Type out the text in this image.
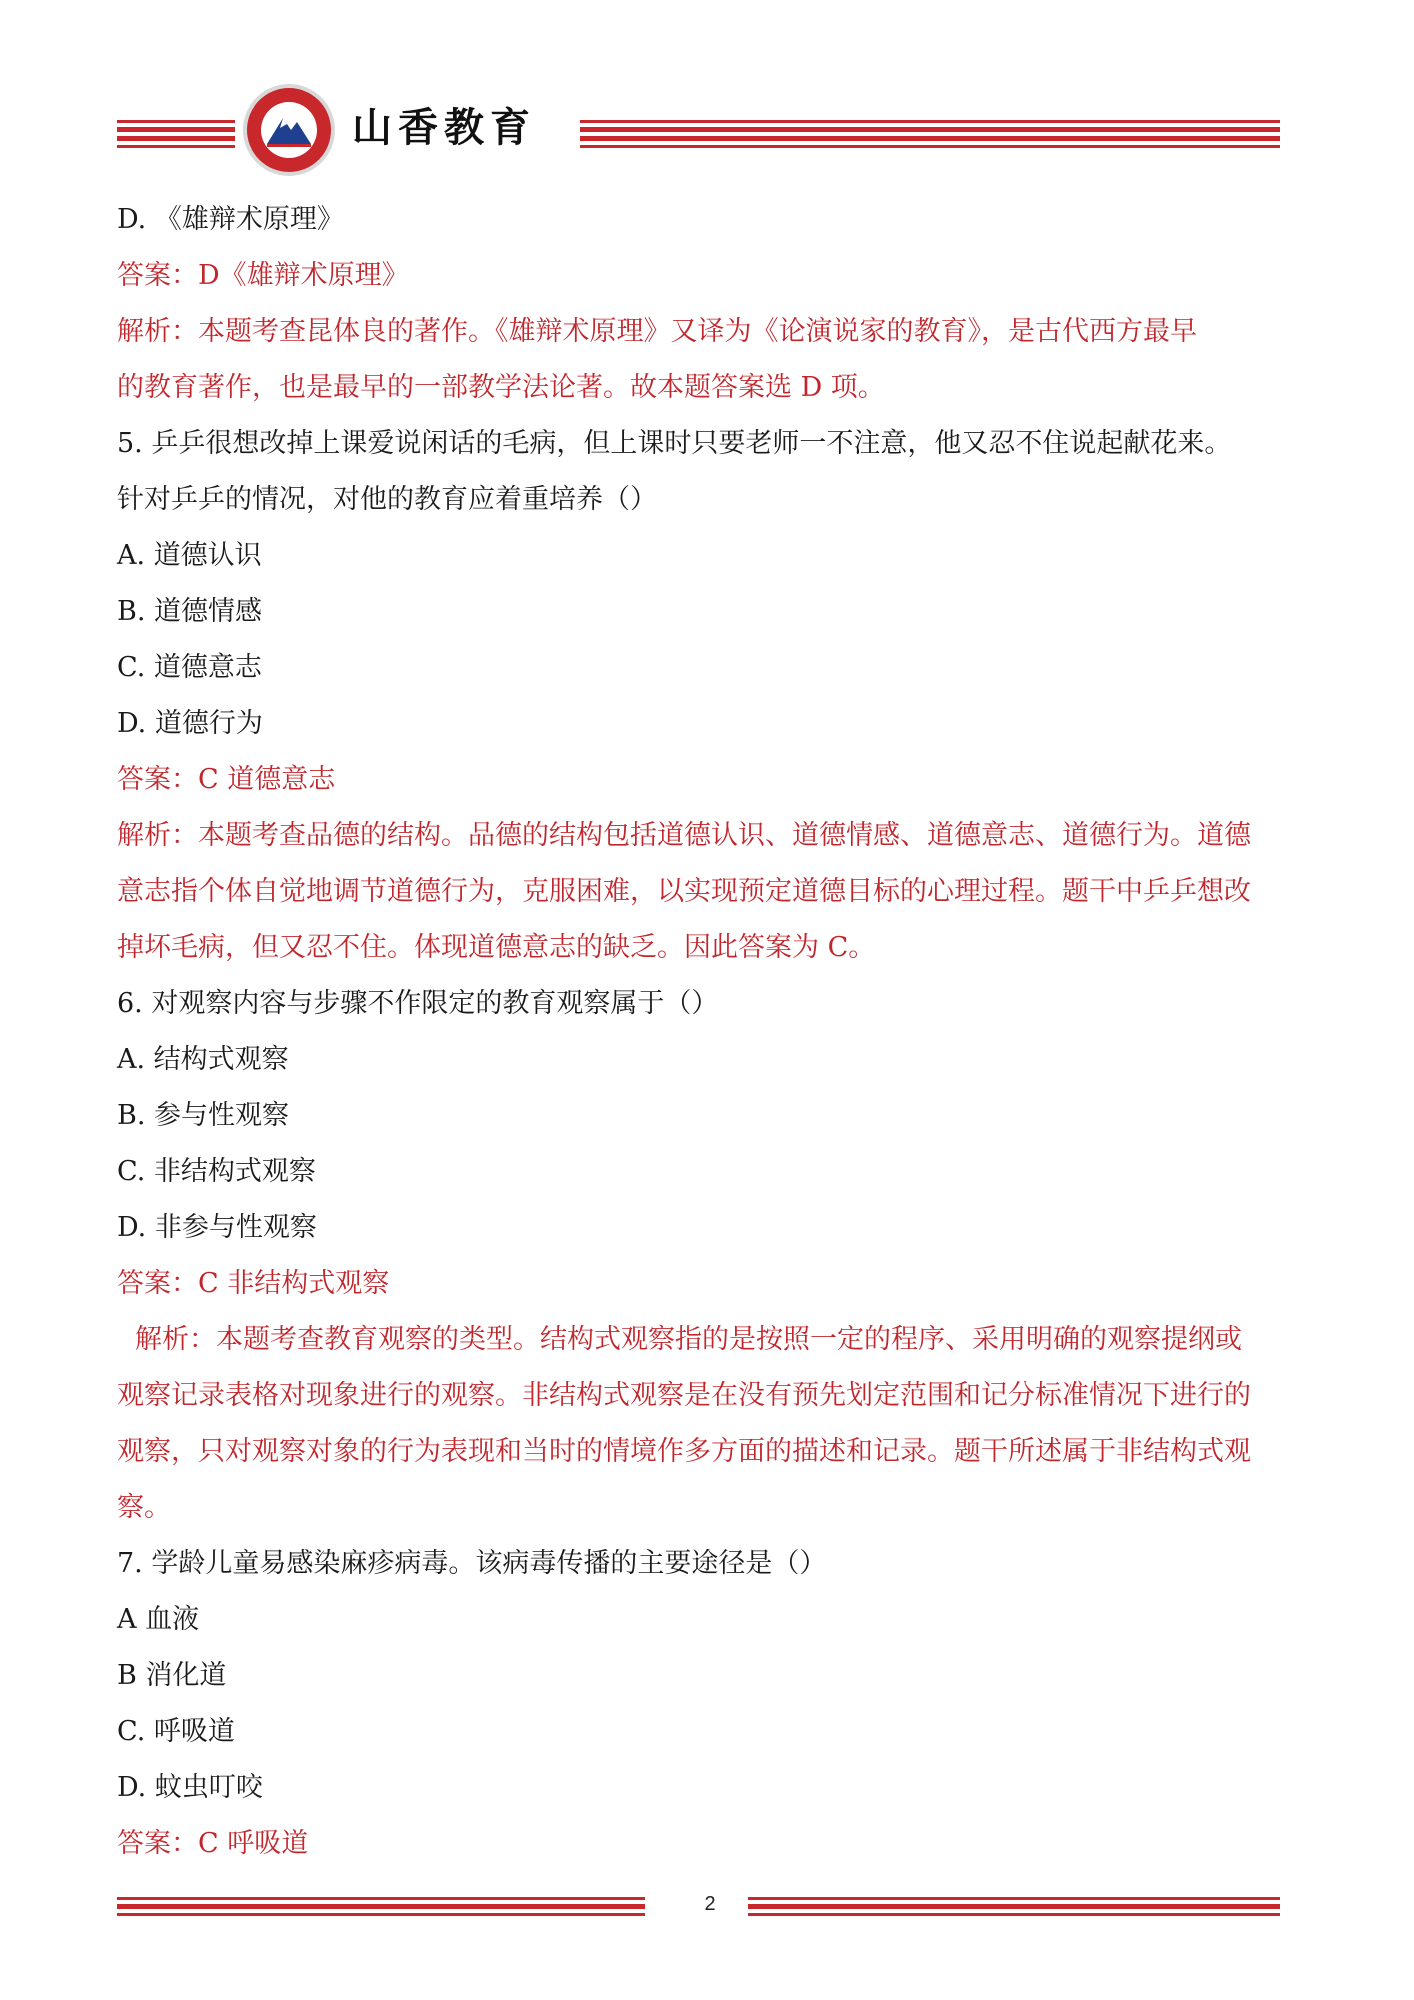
山香教育
D. 《雄辩术原理》
答案：D《雄辩术原理》
解析：本题考查昆体良的著作。《雄辩术原理》又译为《论演说家的教育》，是古代西方最早
的教育著作，也是最早的一部教学法论著。故本题答案选 D 项。
5. 乒乒很想改掉上课爱说闲话的毛病，但上课时只要老师一不注意，他又忍不住说起献花来。
针对乒乒的情况，对他的教育应着重培养（）
A. 道德认识
B. 道德情感
C. 道德意志
D. 道德行为
答案：C 道德意志
解析：本题考查品德的结构。品德的结构包括道德认识、道德情感、道德意志、道德行为。道德
意志指个体自觉地调节道德行为，克服困难，以实现预定道德目标的心理过程。题干中乒乒想改
掉坏毛病，但又忍不住。体现道德意志的缺乏。因此答案为 C。
6. 对观察内容与步骤不作限定的教育观察属于（）
A. 结构式观察
B. 参与性观察
C. 非结构式观察
D. 非参与性观察
答案：C 非结构式观察
解析：本题考查教育观察的类型。结构式观察指的是按照一定的程序、采用明确的观察提纲或
观察记录表格对现象进行的观察。非结构式观察是在没有预先划定范围和记分标准情况下进行的
观察，只对观察对象的行为表现和当时的情境作多方面的描述和记录。题干所述属于非结构式观
察。
7. 学龄儿童易感染麻疹病毒。该病毒传播的主要途径是（）
A 血液
B 消化道
C. 呼吸道
D. 蚊虫叮咬
答案：C 呼吸道
2
